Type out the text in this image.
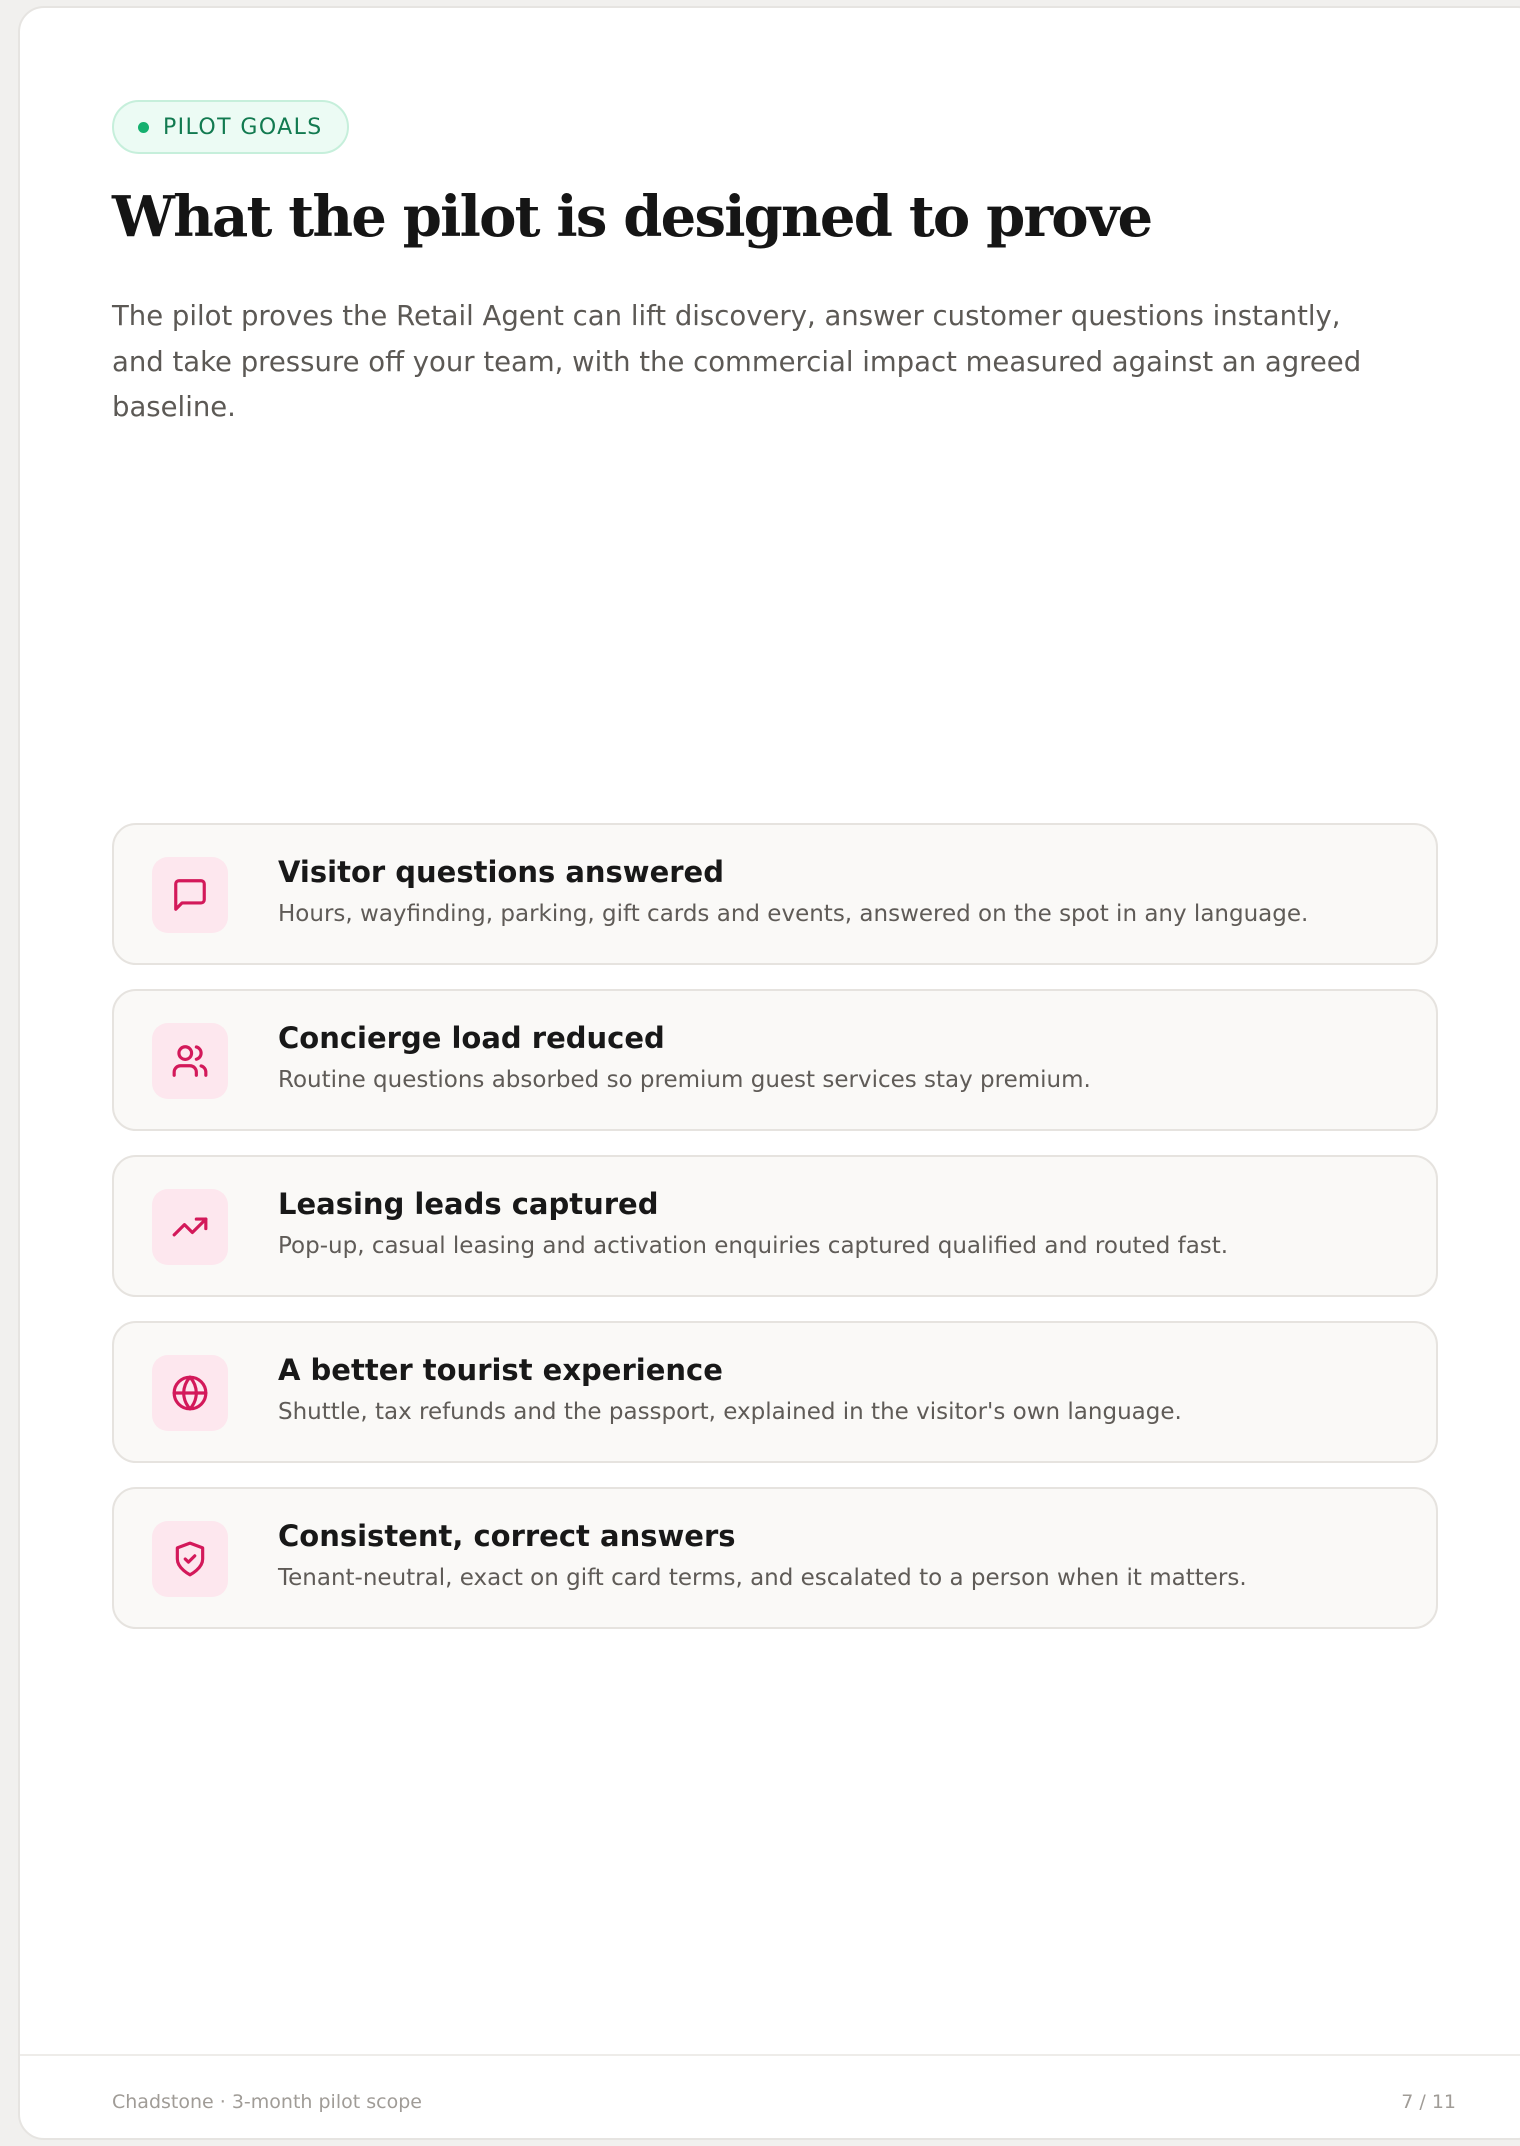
PILOT GOALS
What the pilot is designed to prove

The pilot proves the Retail Agent can lift discovery, answer customer questions instantly, and take pressure off your team, with the commercial impact measured against an agreed baseline.

Visitor questions answered
Hours, wayfinding, parking, gift cards and events, answered on the spot in any language.
Concierge load reduced
Routine questions absorbed so premium guest services stay premium.
Leasing leads captured
Pop-up, casual leasing and activation enquiries captured qualified and routed fast.
A better tourist experience
Shuttle, tax refunds and the passport, explained in the visitor's own language.
Consistent, correct answers
Tenant-neutral, exact on gift card terms, and escalated to a person when it matters.
Chadstone · 3-month pilot scope	7 / 11
